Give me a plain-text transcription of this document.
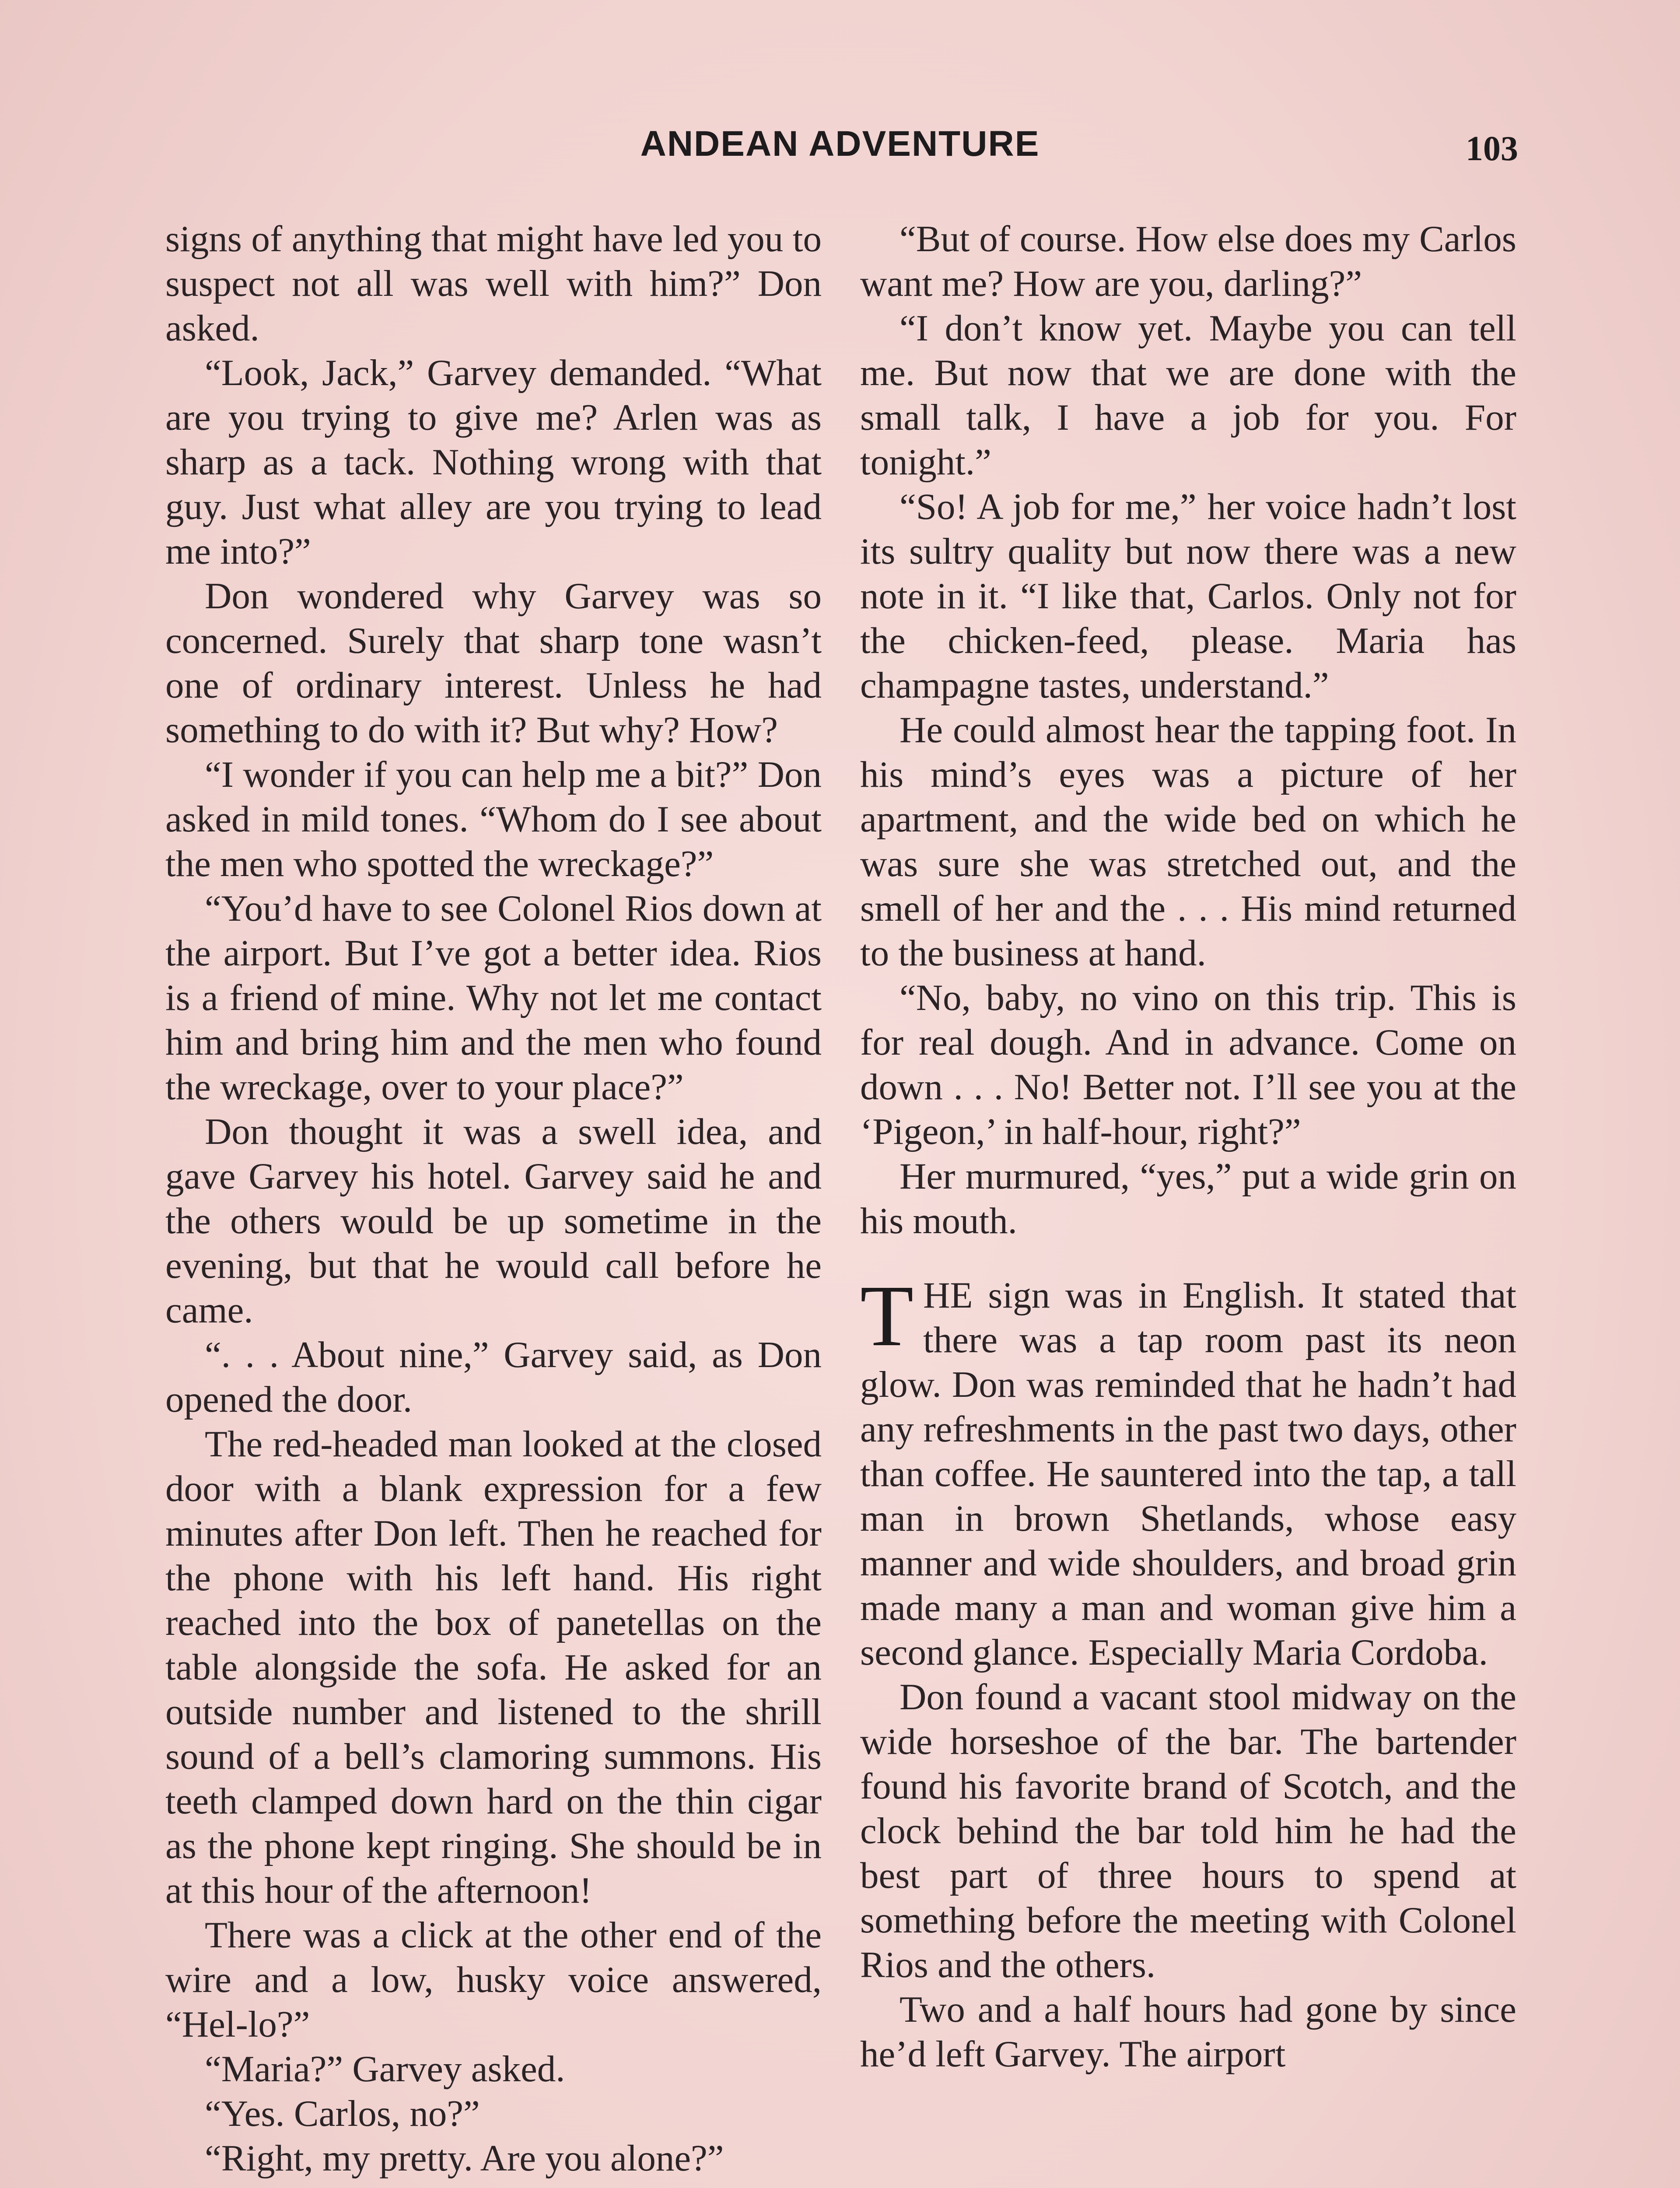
ANDEAN ADVENTURE	103

signs of anything that might have led you to suspect not all was well with him?” Don asked.

“Look, Jack,” Garvey demanded. “What are you trying to give me? Arlen was as sharp as a tack. Nothing wrong with that guy. Just what alley are you trying to lead me into?”

Don wondered why Garvey was so concerned. Surely that sharp tone wasn’t one of ordinary interest. Unless he had something to do with it? But why? How?

“I wonder if you can help me a bit?” Don asked in mild tones. “Whom do I see about the men who spotted the wreckage?”

“You’d have to see Colonel Rios down at the airport. But I’ve got a better idea. Rios is a friend of mine. Why not let me contact him and bring him and the men who found the wreckage, over to your place?”

Don thought it was a swell idea, and gave Garvey his hotel. Garvey said he and the others would be up sometime in the evening, but that he would call before he came.

“. . . About nine,” Garvey said, as Don opened the door.

The red-headed man looked at the closed door with a blank expression for a few minutes after Don left. Then he reached for the phone with his left hand. His right reached into the box of panetellas on the table alongside the sofa. He asked for an outside number and listened to the shrill sound of a bell’s clamoring summons. His teeth clamped down hard on the thin cigar as the phone kept ringing. She should be in at this hour of the afternoon!

There was a click at the other end of the wire and a low, husky voice answered, “Hel-lo?”

“Maria?” Garvey asked.

“Yes. Carlos, no?”

“Right, my pretty. Are you alone?”

“But of course. How else does my Carlos want me? How are you, darling?”

“I don’t know yet. Maybe you can tell me. But now that we are done with the small talk, I have a job for you. For tonight.”

“So! A job for me,” her voice hadn’t lost its sultry quality but now there was a new note in it. “I like that, Carlos. Only not for the chicken-feed, please. Maria has champagne tastes, understand.”

He could almost hear the tapping foot. In his mind’s eyes was a picture of her apartment, and the wide bed on which he was sure she was stretched out, and the smell of her and the . . . His mind returned to the business at hand.

“No, baby, no vino on this trip. This is for real dough. And in advance. Come on down . . . No! Better not. I’ll see you at the ‘Pigeon,’ in half-hour, right?”

Her murmured, “yes,” put a wide grin on his mouth.

THE sign was in English. It stated that there was a tap room past its neon glow. Don was reminded that he hadn’t had any refreshments in the past two days, other than coffee. He sauntered into the tap, a tall man in brown Shetlands, whose easy manner and wide shoulders, and broad grin made many a man and woman give him a second glance. Especially Maria Cordoba.

Don found a vacant stool midway on the wide horseshoe of the bar. The bartender found his favorite brand of Scotch, and the clock behind the bar told him he had the best part of three hours to spend at something before the meeting with Colonel Rios and the others.

Two and a half hours had gone by since he’d left Garvey. The airport
